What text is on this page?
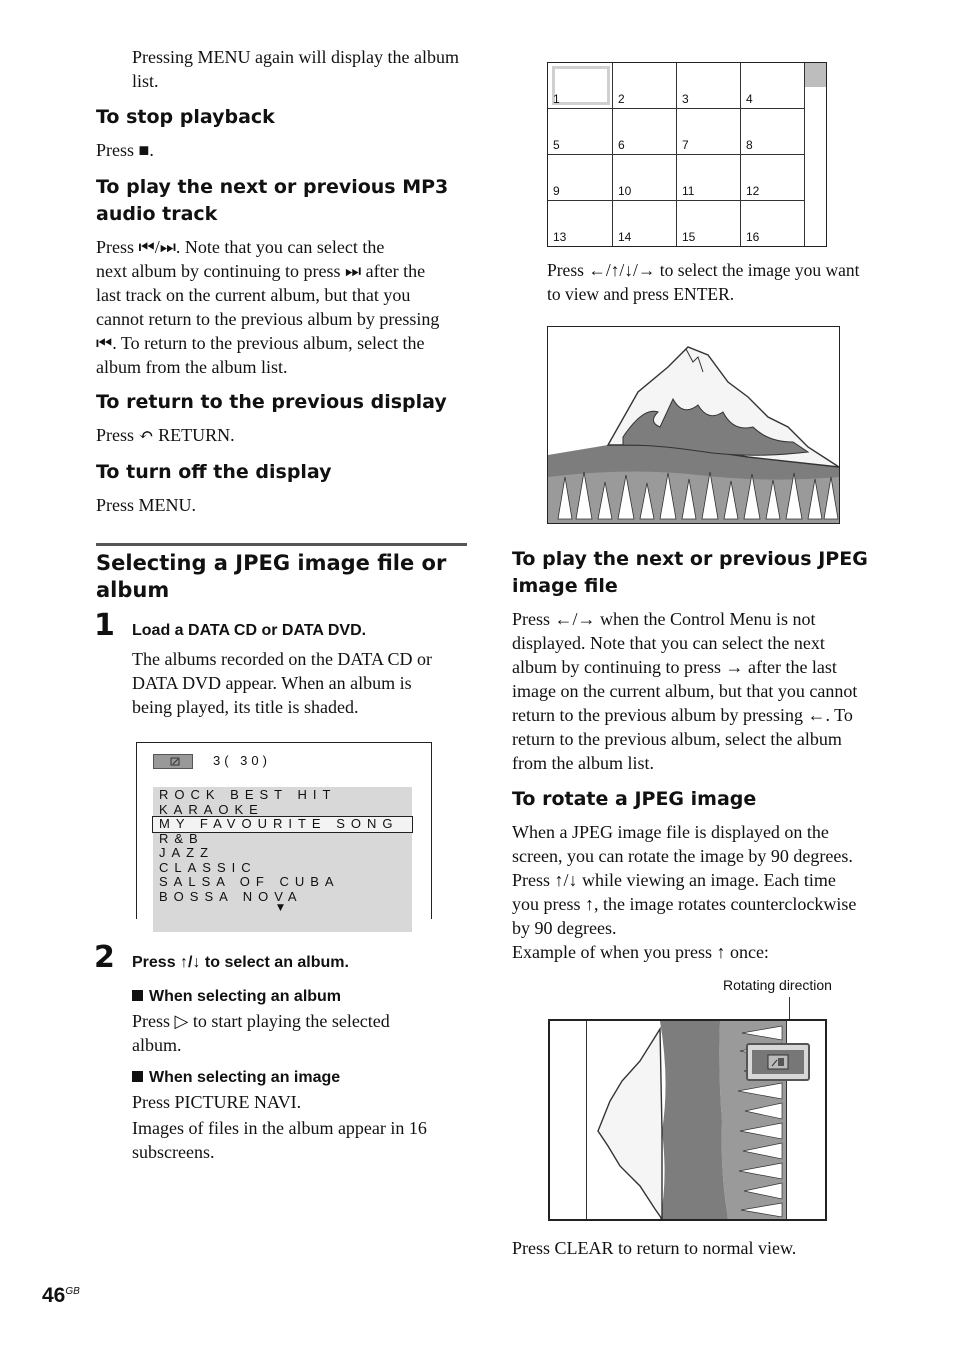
Pressing MENU again will display the album list.
To stop playback
Press ■.
To play the next or previous MP3
audio track
Press ⏮/⏭. Note that you can select the
next album by continuing to press ⏭ after the
last track on the current album, but that you
cannot return to the previous album by pressing
⏮. To return to the previous album, select the
album from the album list.
To return to the previous display
Press ↶ RETURN.
To turn off the display
Press MENU.
Selecting a JPEG image file or
album
1 Load a DATA CD or DATA DVD.
The albums recorded on the DATA CD or
DATA DVD appear. When an album is
being played, its title is shaded.
3( 30)
ROCK BEST HIT
KARAOKE
MY FAVOURITE SONG
R&B
JAZZ
CLASSIC
SALSA OF CUBA
BOSSA NOVA
▼
2 Press ↑/↓ to select an album.
When selecting an album
Press ▷ to start playing the selected
album.
When selecting an image
Press PICTURE NAVI.
Images of files in the album appear in 16
subscreens.
$46^{GB}$
1	2	3	4
5	6	7	8
9	10	11	12
13	14	15	16
Press ←/↑/↓/→ to select the image you want
to view and press ENTER.
To play the next or previous JPEG
image file
Press ←/→ when the Control Menu is not
displayed. Note that you can select the next
album by continuing to press → after the last
image on the current album, but that you cannot
return to the previous album by pressing ←. To
return to the previous album, select the album
from the album list.
To rotate a JPEG image
When a JPEG image file is displayed on the
screen, you can rotate the image by 90 degrees.
Press ↑/↓ while viewing an image. Each time
you press ↑, the image rotates counterclockwise
by 90 degrees.
Example of when you press ↑ once:
Rotating direction
Press CLEAR to return to normal view.
